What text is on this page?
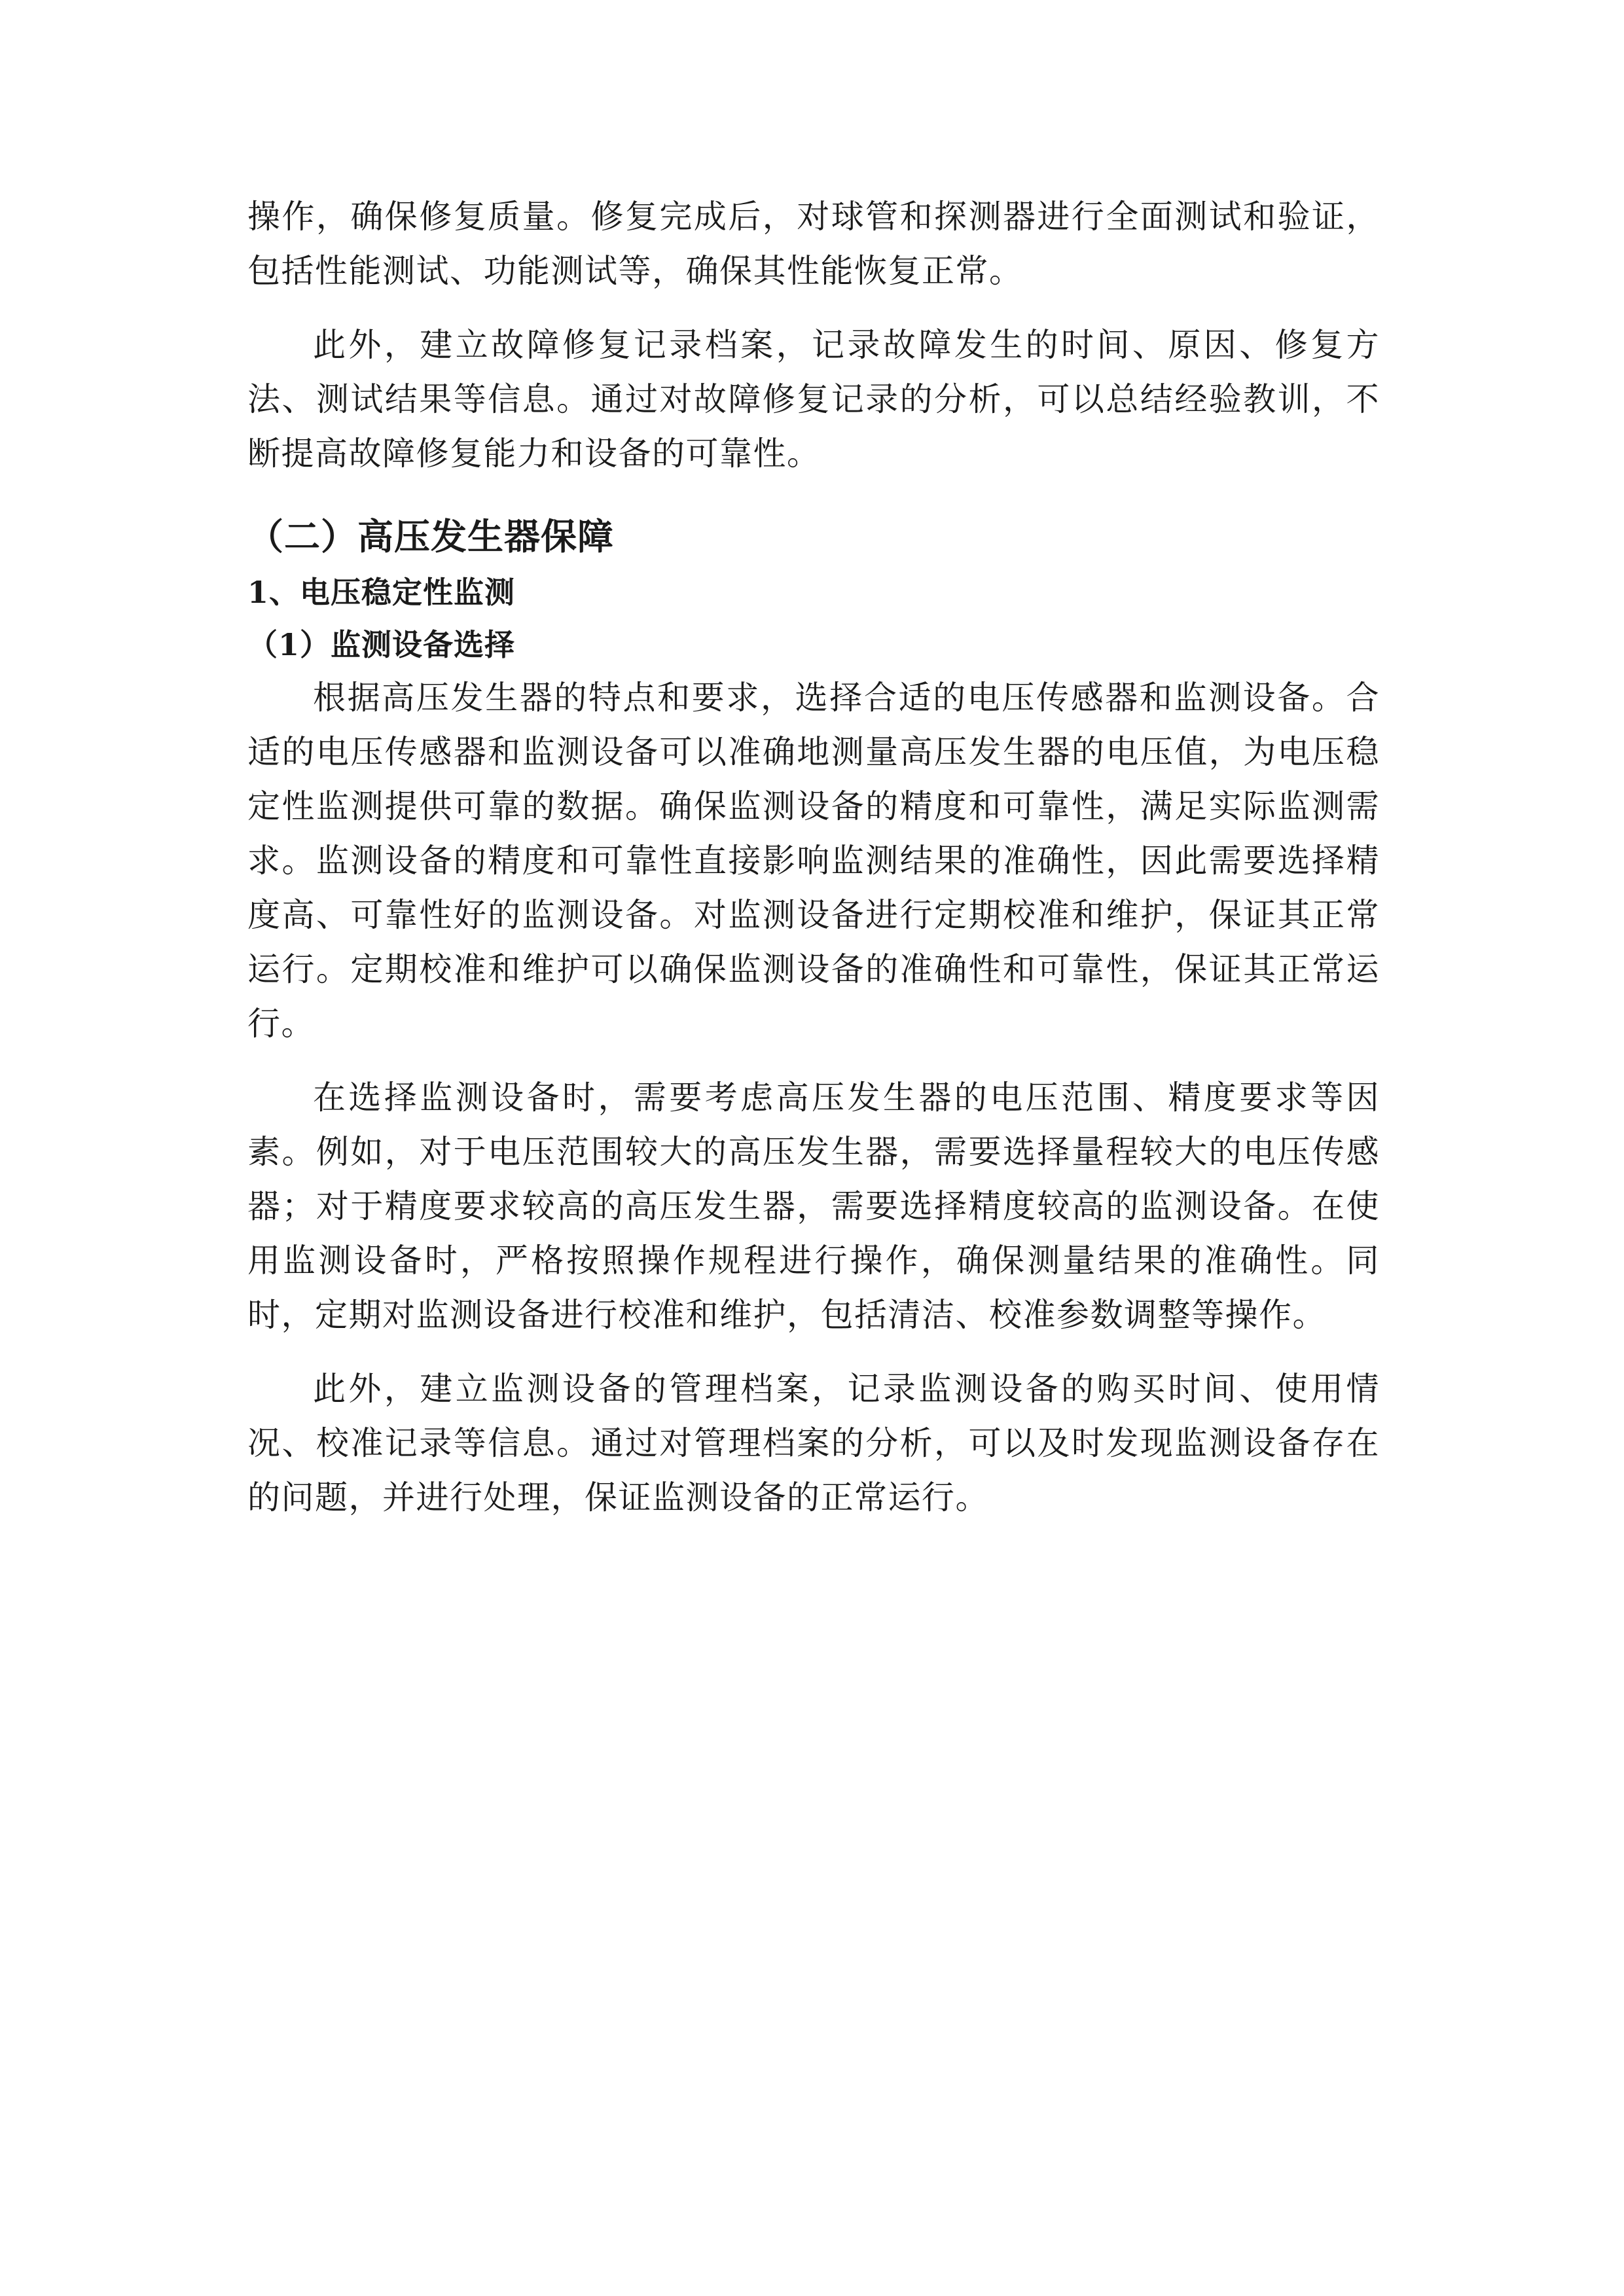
操作，确保修复质量。修复完成后，对球管和探测器进行全面测试和验证，包括性能测试、功能测试等，确保其性能恢复正常。

此外，建立故障修复记录档案，记录故障发生的时间、原因、修复方法、测试结果等信息。通过对故障修复记录的分析，可以总结经验教训，不断提高故障修复能力和设备的可靠性。

（二）高压发生器保障
1、电压稳定性监测
（1）监测设备选择

根据高压发生器的特点和要求，选择合适的电压传感器和监测设备。合适的电压传感器和监测设备可以准确地测量高压发生器的电压值，为电压稳定性监测提供可靠的数据。确保监测设备的精度和可靠性，满足实际监测需求。监测设备的精度和可靠性直接影响监测结果的准确性，因此需要选择精度高、可靠性好的监测设备。对监测设备进行定期校准和维护，保证其正常运行。定期校准和维护可以确保监测设备的准确性和可靠性，保证其正常运行。

在选择监测设备时，需要考虑高压发生器的电压范围、精度要求等因素。例如，对于电压范围较大的高压发生器，需要选择量程较大的电压传感器；对于精度要求较高的高压发生器，需要选择精度较高的监测设备。在使用监测设备时，严格按照操作规程进行操作，确保测量结果的准确性。同时，定期对监测设备进行校准和维护，包括清洁、校准参数调整等操作。

此外，建立监测设备的管理档案，记录监测设备的购买时间、使用情况、校准记录等信息。通过对管理档案的分析，可以及时发现监测设备存在的问题，并进行处理，保证监测设备的正常运行。
